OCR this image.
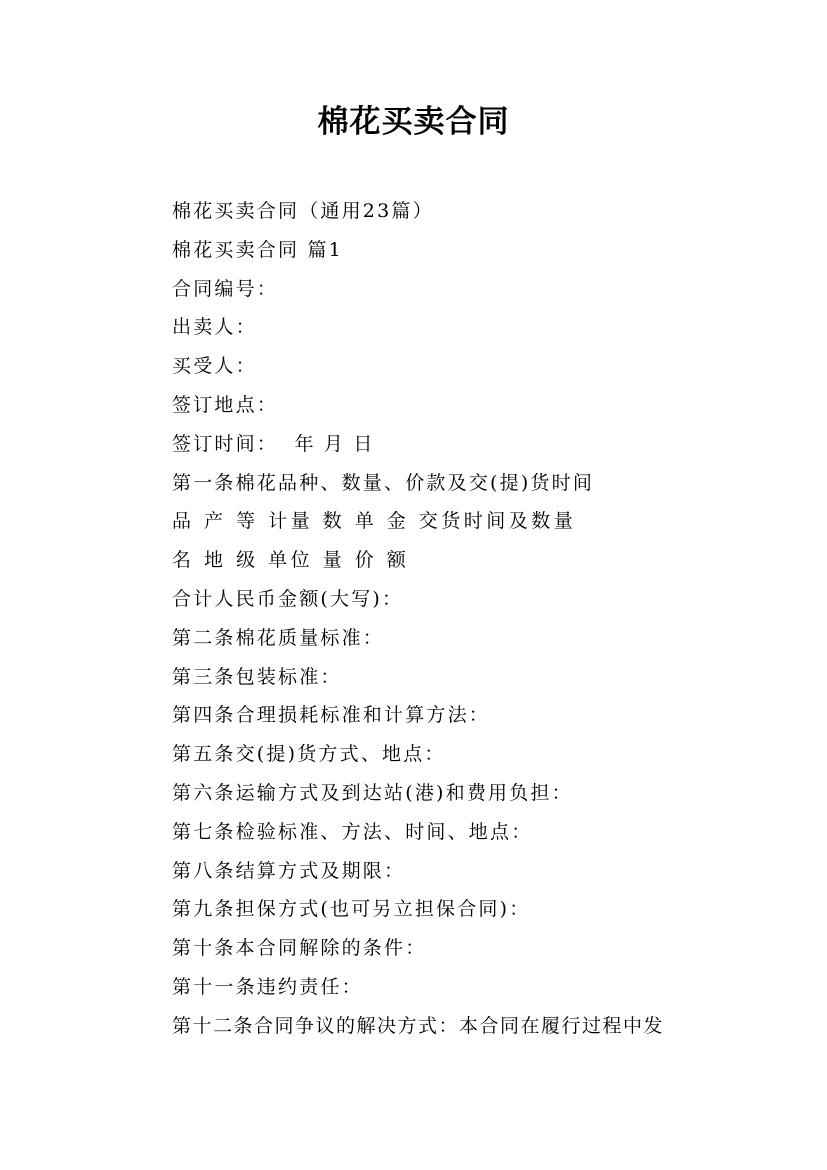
棉花买卖合同
棉花买卖合同（通用23篇）
棉花买卖合同 篇1
合同编号：
出卖人：
买受人：
签订地点：
签订时间：  年 月 日
第一条棉花品种、数量、价款及交(提)货时间
品 产 等 计量 数 单 金 交货时间及数量
名 地 级 单位 量 价 额
合计人民币金额(大写)：
第二条棉花质量标准：
第三条包装标准：
第四条合理损耗标准和计算方法：
第五条交(提)货方式、地点：
第六条运输方式及到达站(港)和费用负担：
第七条检验标准、方法、时间、地点：
第八条结算方式及期限：
第九条担保方式(也可另立担保合同)：
第十条本合同解除的条件：
第十一条违约责任：
第十二条合同争议的解决方式：本合同在履行过程中发
